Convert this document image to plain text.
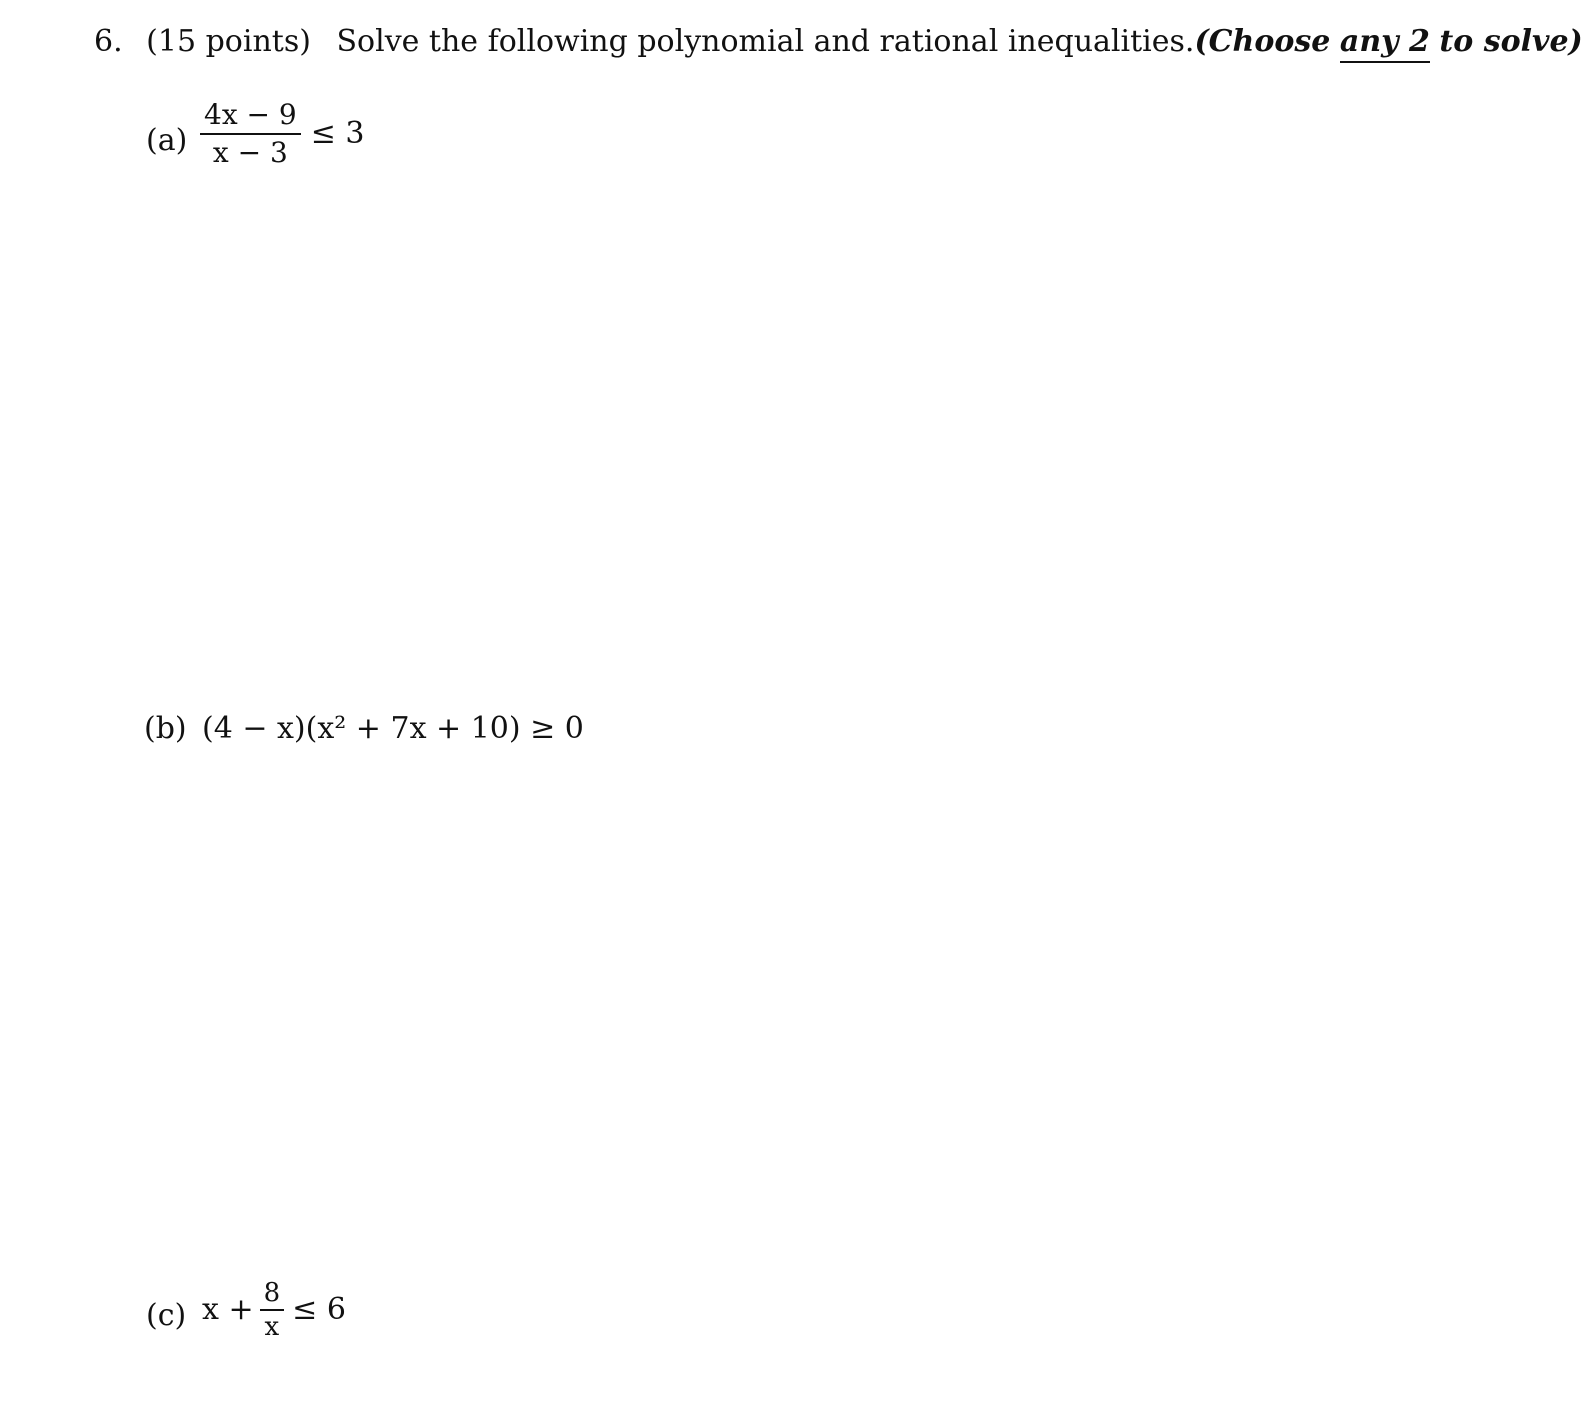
6. (15 points) Solve the following polynomial and rational inequalities.(Choose any 2 to solve)
$(a) \frac{4x - 9}{x - 3} \le 3$
(b) (4 − x)(x² + 7x + 10) ≥ 0
(c) $x + \frac{8}{x} \le 6$
